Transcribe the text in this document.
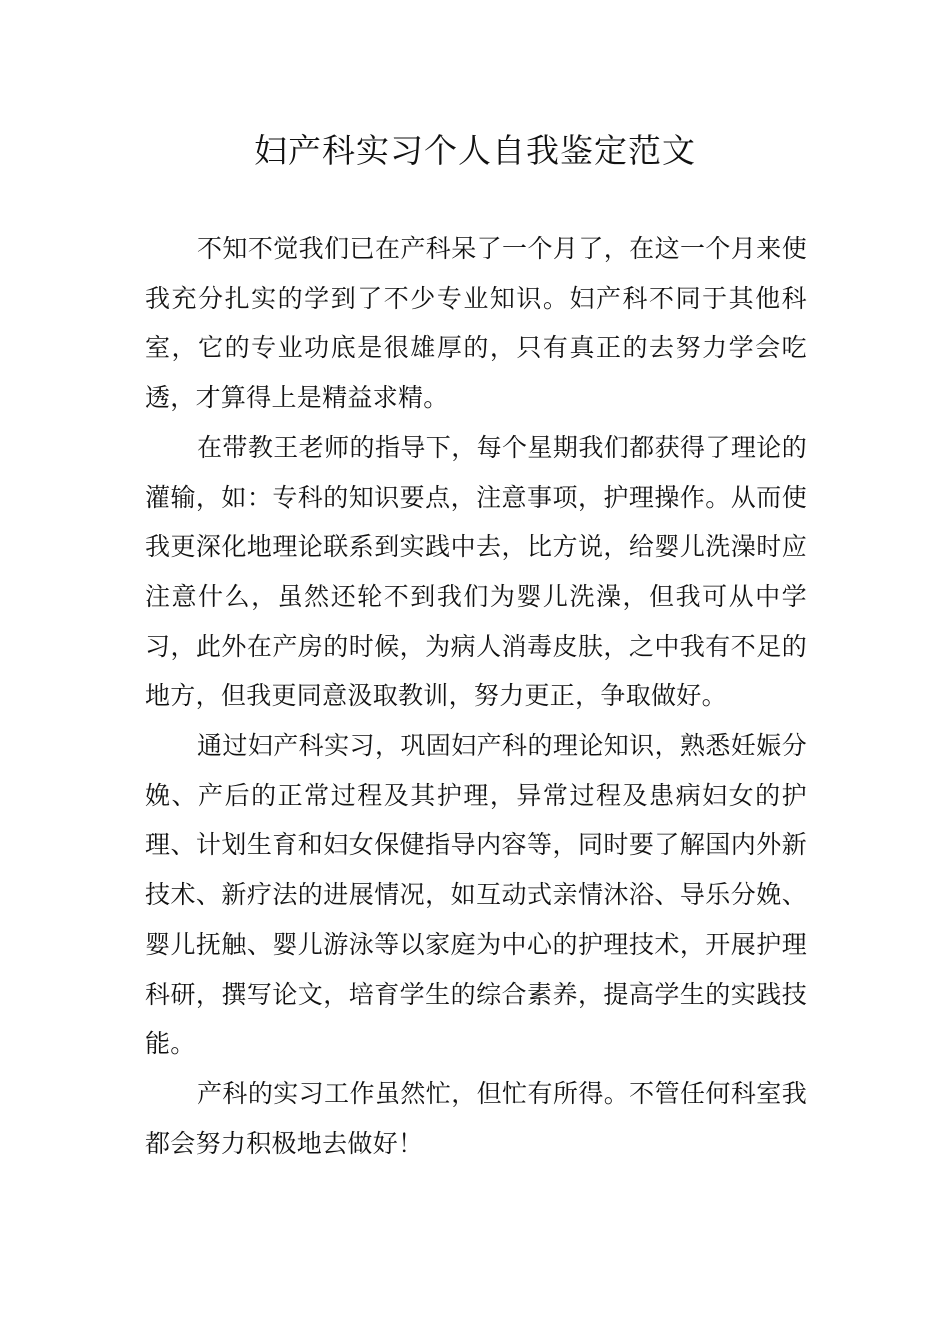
妇产科实习个人自我鉴定范文

不知不觉我们已在产科呆了一个月了，在这一个月来使我充分扎实的学到了不少专业知识。妇产科不同于其他科室，它的专业功底是很雄厚的，只有真正的去努力学会吃透，才算得上是精益求精。

在带教王老师的指导下，每个星期我们都获得了理论的灌输，如：专科的知识要点，注意事项，护理操作。从而使我更深化地理论联系到实践中去，比方说，给婴儿洗澡时应注意什么，虽然还轮不到我们为婴儿洗澡，但我可从中学习，此外在产房的时候，为病人消毒皮肤，之中我有不足的地方，但我更同意汲取教训，努力更正，争取做好。

通过妇产科实习，巩固妇产科的理论知识，熟悉妊娠分娩、产后的正常过程及其护理，异常过程及患病妇女的护理、计划生育和妇女保健指导内容等，同时要了解国内外新技术、新疗法的进展情况，如互动式亲情沐浴、导乐分娩、婴儿抚触、婴儿游泳等以家庭为中心的护理技术，开展护理科研，撰写论文，培育学生的综合素养，提高学生的实践技能。

产科的实习工作虽然忙，但忙有所得。不管任何科室我都会努力积极地去做好！
